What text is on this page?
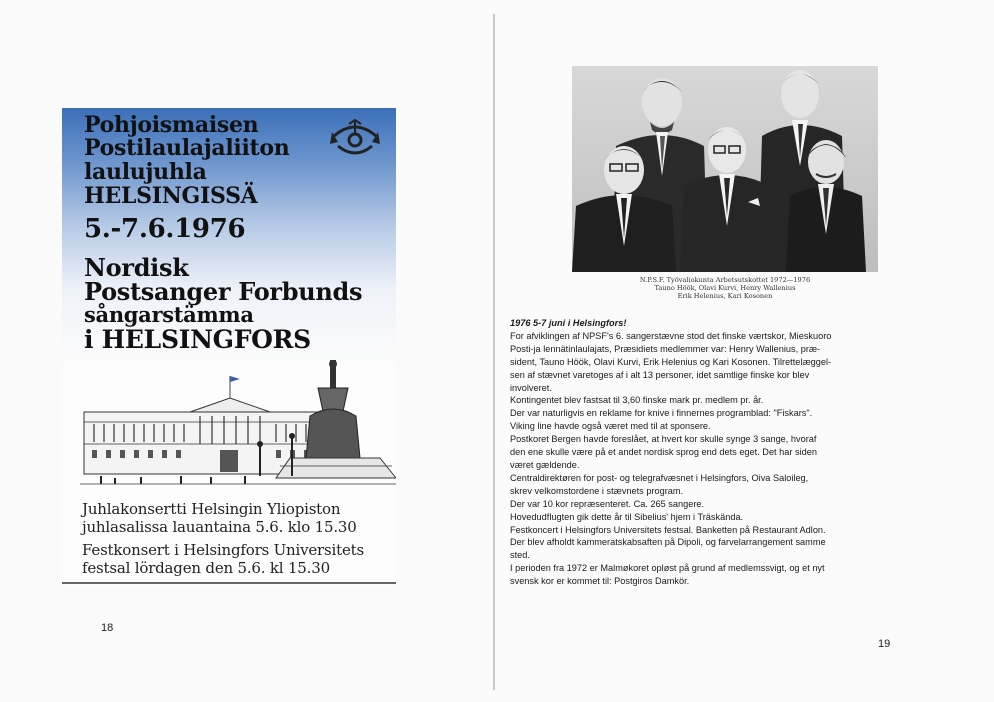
Pohjoismaisen
Postilaulajaliiton
laulujuhla
HELSINGISSÄ
5.-7.6.1976
Nordisk
Postsanger Forbunds
sångarstämma
i HELSINGFORS
Juhlakonsertti Helsingin Yliopiston
juhlasalissa lauantaina 5.6. klo 15.30
Festkonsert i Helsingfors Universitets
festsal lördagen den 5.6. kl 15.30
18
N.P.S.F. Työvaliokunta Arbetsutskottet 1972—1976
Tauno Höök, Olavi Kurvi, Henry Wallenius
Erik Helenius, Kari Kosonen
1976 5-7 juni i Helsingfors!
For afviklingen af NPSF's 6. sangerstævne stod det finske værtskor, Mieskuoro
Posti-ja lennätinlaulajats, Præsidiets medlemmer var: Henry Wallenius, præ-
sident, Tauno Höök, Olavi Kurvi, Erik Helenius og Kari Kosonen. Tilrettelæggel-
sen af stævnet varetoges af i alt 13 personer, idet samtlige finske kor blev
involveret.
Kontingentet blev fastsat til 3,60 finske mark pr. medlem pr. år.
Der var naturligvis en reklame for knive i finnernes programblad: "Fiskars".
Viking line havde også været med til at sponsere.
Postkoret Bergen havde foreslået, at hvert kor skulle synge 3 sange, hvoraf
den ene skulle være på et andet nordisk sprog end dets eget. Det har siden
været gældende.
Centraldirektøren for post- og telegrafvæsnet i Helsingfors, Oiva Saloileg,
skrev velkomstordene i stævnets program.
Der var 10 kor repræsenteret. Ca. 265 sangere.
Hovedudflugten gik dette år til Sibelius' hjem i Träskända.
Festkoncert i Helsingfors Universitets festsal. Banketten på Restaurant Adlon.
Der blev afholdt kammeratskabsaften på Dipoli, og farvelarrangement samme
sted.
I perioden fra 1972 er Malmøkoret opløst på grund af medlemssvigt, og et nyt
svensk kor er kommet til: Postgiros Damkör.
19
